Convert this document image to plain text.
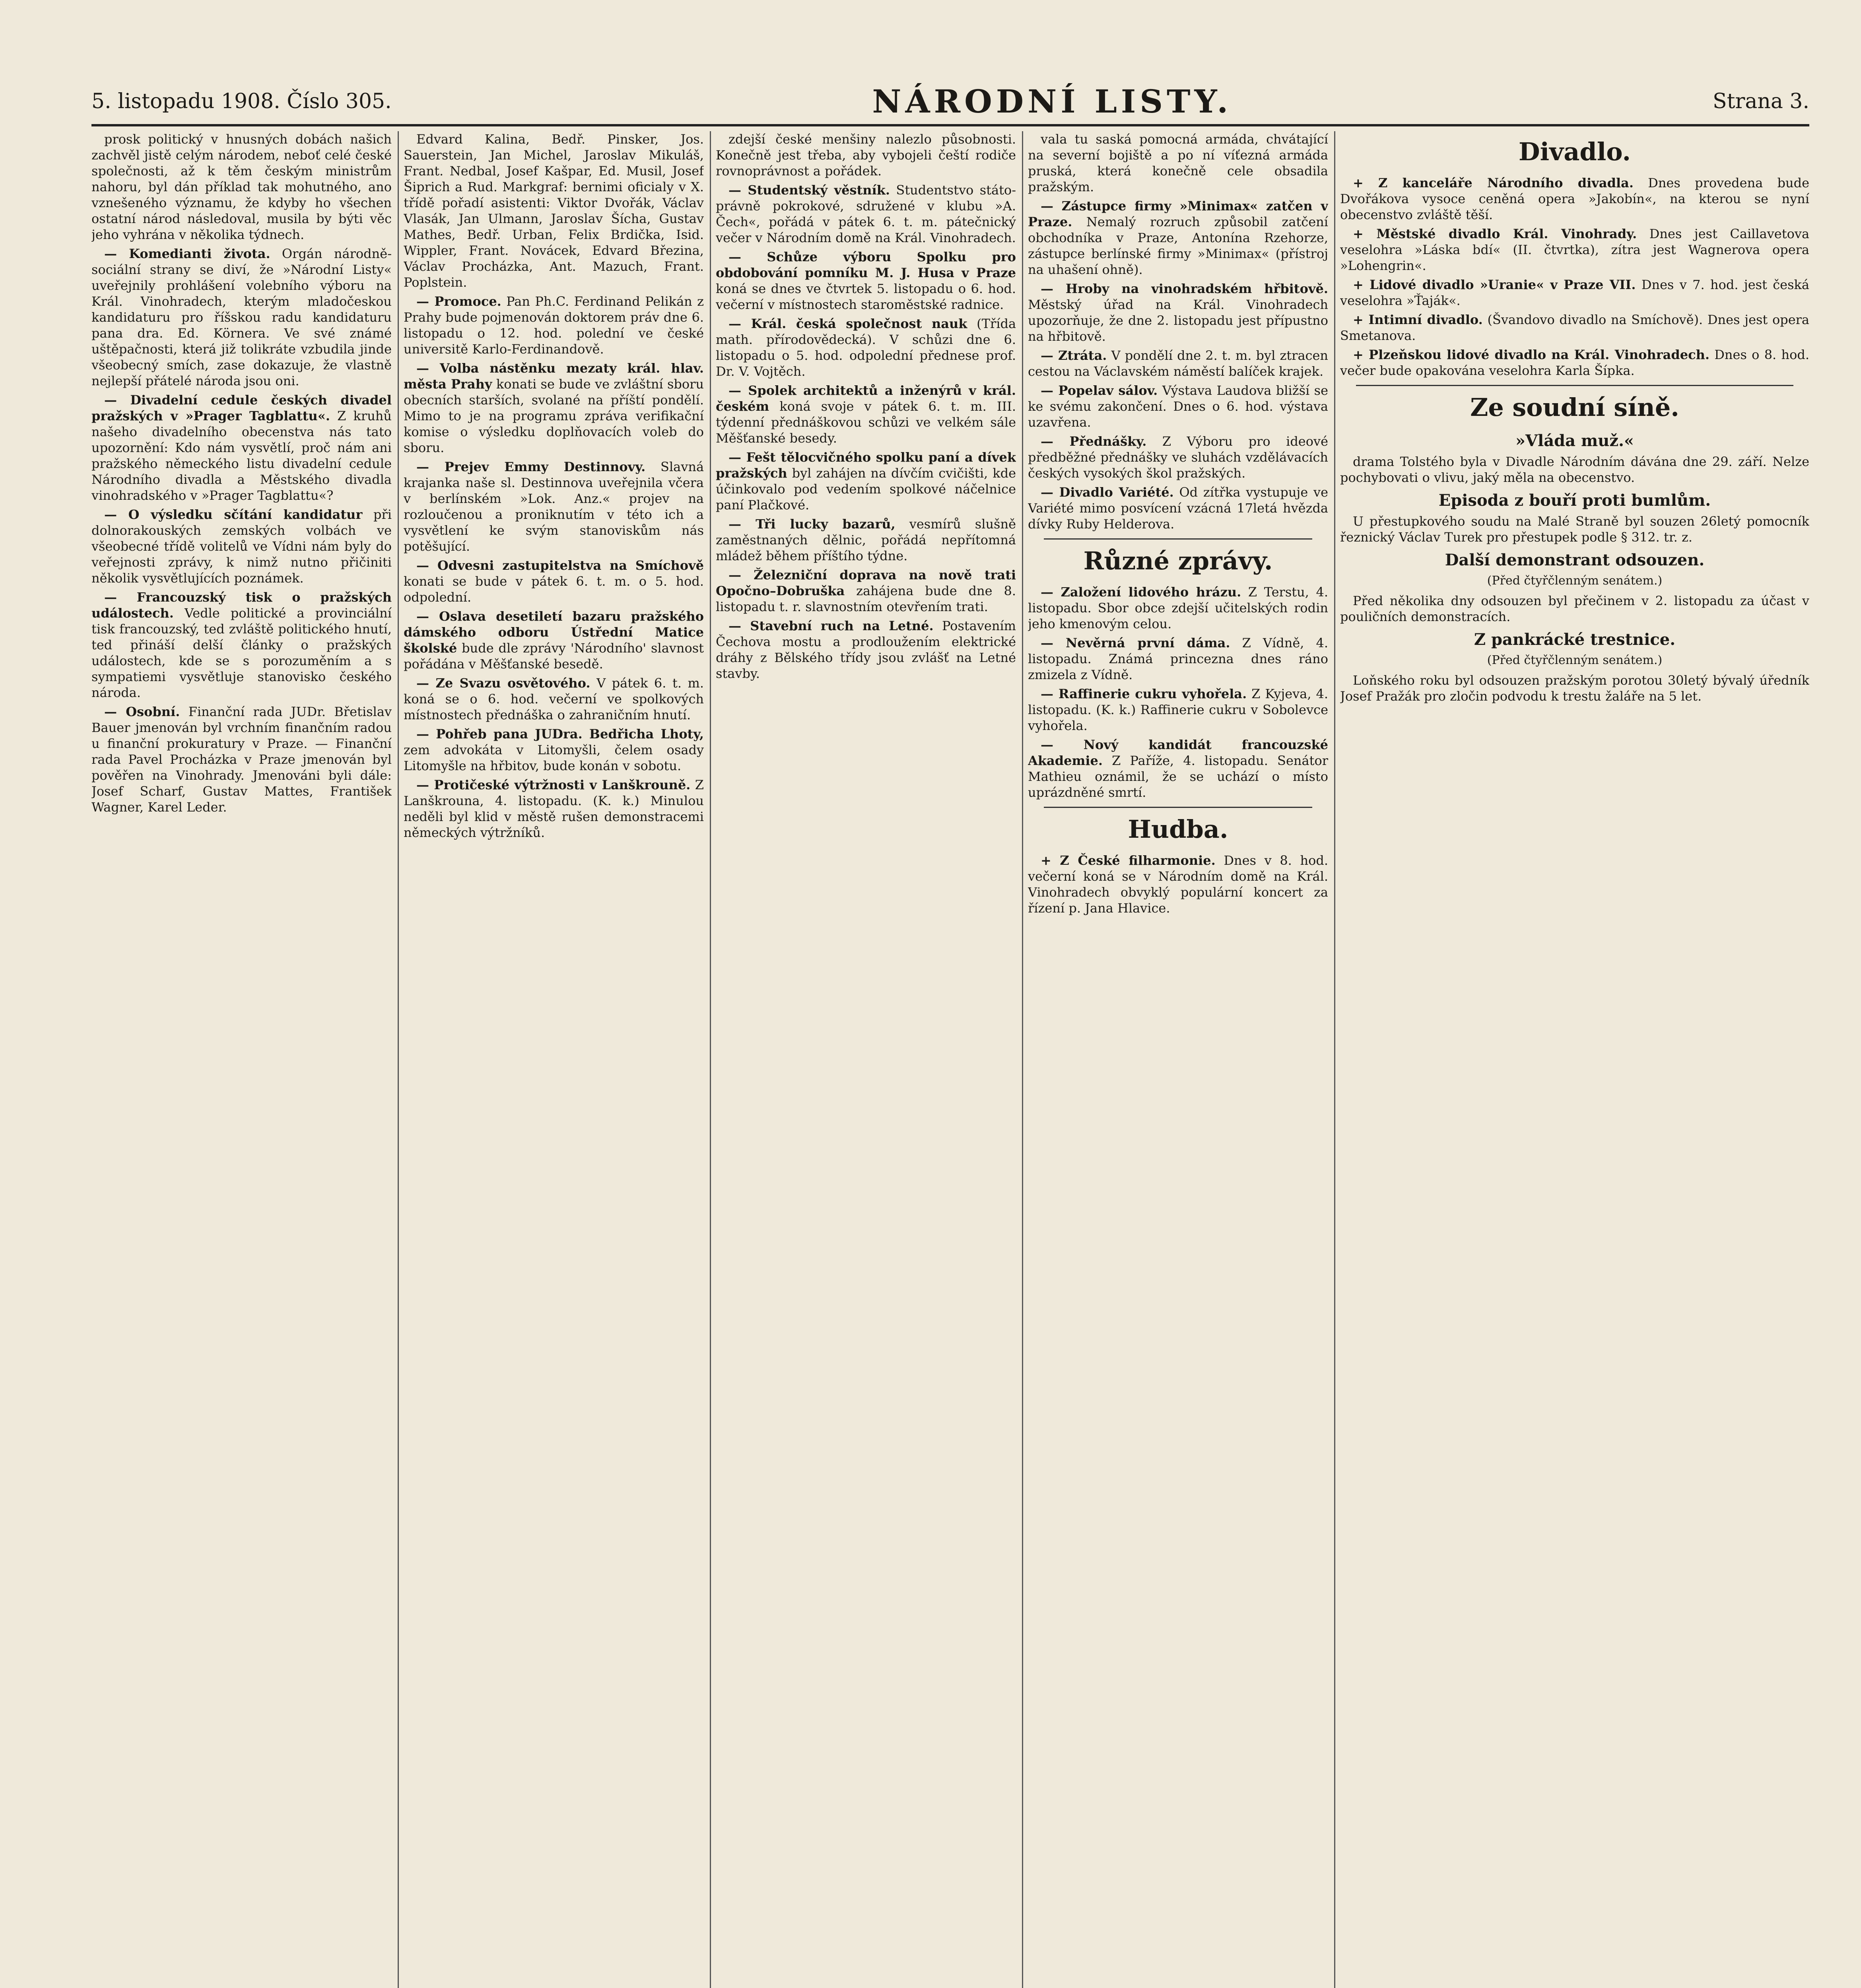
5. listopadu 1908. Číslo 305.	NÁRODNÍ LISTY.	Strana 3.

prosk politický v hnusných dobách našich zachvěl jistě celým národem, neboť celé české společnosti, až k těm českým ministrům nahoru, byl dán příklad tak mohutného, ano vznešeného významu, že kdyby ho všechen ostatní národ následoval, musila by býti věc jeho vyhrána v několika týdnech.

— Komedianti života. Orgán národně-sociální strany se diví, že »Národní Listy« uveřejnily prohlášení volebního výboru na Král. Vinohradech, kterým mladočeskou kandidaturu pro říšskou radu kandidaturu pana dra. Ed. Körnera. Ve své známé uštěpačnosti, která již tolikráte vzbudila jinde všeobecný smích, zase dokazuje, že vlastně nejlepší přátelé národa jsou oni.

— Divadelní cedule českých divadel pražských v »Prager Tagblattu«. Z kruhů našeho divadelního obecenstva nás tato upozornění: Kdo nám vysvětlí, proč nám ani pražského německého listu divadelní cedule Národního divadla a Městského divadla vinohradského v »Prager Tagblattu«?

— O výsledku sčítání kandidatur při dolnorakouských zemských volbách ve všeobecné třídě volitelů ve Vídni nám byly do veřejnosti zprávy, k nimž nutno přičiniti několik vysvětlujících poznámek.

— Francouzský tisk o pražských událostech. Vedle politické a provinciální tisk francouzský, ted zvláště politického hnutí, ted přináší delší články o pražských událostech, kde se s porozuměním a s sympatiemi vysvětluje stanovisko českého národa.

— Osobní. Finanční rada JUDr. Břetislav Bauer jmenován byl vrchním finančním radou u finanční prokuratury v Praze. — Finanční rada Pavel Procházka v Praze jmenován byl pověřen na Vinohrady. Jmenováni byli dále: Josef Scharf, Gustav Mattes, František Wagner, Karel Leder.

Edvard Kalina, Bedř. Pinsker, Jos. Sauerstein, Jan Michel, Jaroslav Mikuláš, Frant. Nedbal, Josef Kašpar, Ed. Musil, Josef Šiprich a Rud. Markgraf: bernimi oficialy v X. třídě pořadí asistenti: Viktor Dvořák, Václav Vlasák, Jan Ulmann, Jaroslav Šícha, Gustav Mathes, Bedř. Urban, Felix Brdička, Isid. Wippler, Frant. Novácek, Edvard Březina, Václav Procházka, Ant. Mazuch, Frant. Poplstein.

— Promoce. Pan Ph.C. Ferdinand Pelikán z Prahy bude pojmenován doktorem práv dne 6. listopadu o 12. hod. polední ve české universitě Karlo-Ferdinandově.

— Volba nástěnku mezaty král. hlav. města Prahy konati se bude ve zvláštní sboru obecních starších, svolané na příští pondělí. Mimo to je na programu zpráva verifikační komise o výsledku doplňovacích voleb do sboru.

— Prejev Emmy Destinnovy. Slavná krajanka naše sl. Destinnova uveřejnila včera v berlínském »Lok. Anz.« projev na rozloučenou a proniknutím v této ich a vysvětlení ke svým stanoviskům nás potěšující.

— Odvesni zastupitelstva na Smíchově konati se bude v pátek 6. t. m. o 5. hod. odpolední.

— Oslava desetiletí bazaru pražského dámského odboru Ústřední Matice školské bude dle zprávy 'Národního' slavnost pořádána v Měšťanské besedě.

— Ze Svazu osvětového. V pátek 6. t. m. koná se o 6. hod. večerní ve spolkových místnostech přednáška o zahraničním hnutí.

— Pohřeb pana JUDra. Bedřicha Lhoty, zem advokáta v Litomyšli, čelem osady Litomyšle na hřbitov, bude konán v sobotu.

— Protičeské výtržnosti v Lanškrouně. Z Lanškrouna, 4. listopadu. (K. k.) Minulou neděli byl klid v městě rušen demonstracemi německých výtržníků.

zdejší české menšiny nalezlo působnosti. Konečně jest třeba, aby vybojeli čeští rodiče rovnoprávnost a pořádek.

— Studentský věstník. Studentstvo státo-právně pokrokové, sdružené v klubu »A. Čech«, pořádá v pátek 6. t. m. pátečnický večer v Národním domě na Král. Vinohradech.

— Schůze výboru Spolku pro obdobování pomníku M. J. Husa v Praze koná se dnes ve čtvrtek 5. listopadu o 6. hod. večerní v místnostech staroměstské radnice.

— Král. česká společnost nauk (Třída math. přírodovědecká). V schůzi dne 6. listopadu o 5. hod. odpolední přednese prof. Dr. V. Vojtěch.

— Spolek architektů a inženýrů v král. českém koná svoje v pátek 6. t. m. III. týdenní přednáškovou schůzi ve velkém sále Měšťanské besedy.

— Fešt tělocvičného spolku paní a dívek pražských byl zahájen na dívčím cvičišti, kde účinkovalo pod vedením spolkové náčelnice paní Plačkové.

— Tři lucky bazarů, vesmírů slušně zaměstnaných dělnic, pořádá nepřítomná mládež během příštího týdne.

— Železniční doprava na nově trati Opočno–Dobruška zahájena bude dne 8. listopadu t. r. slavnostním otevřením trati.

— Stavební ruch na Letné. Postavením Čechova mostu a prodloužením elektrické dráhy z Bělského třídy jsou zvlášť na Letné stavby.

vala tu saská pomocná armáda, chvátající na severní bojiště a po ní víťezná armáda pruská, která konečně cele obsadila pražským.

— Zástupce firmy »Minimax« zatčen v Praze. Nemalý rozruch způsobil zatčení obchodníka v Praze, Antonína Rzehorze, zástupce berlínské firmy »Minimax« (přístroj na uhašení ohně).

— Hroby na vinohradském hřbitově. Městský úřad na Král. Vinohradech upozorňuje, že dne 2. listopadu jest přípustno na hřbitově.

— Ztráta. V pondělí dne 2. t. m. byl ztracen cestou na Václavském náměstí balíček krajek.

— Popelav sálov. Výstava Laudova bližší se ke svému zakončení. Dnes o 6. hod. výstava uzavřena.

— Přednášky. Z Výboru pro ideové předběžné přednášky ve sluhách vzdělávacích českých vysokých škol pražských.

— Divadlo Variété. Od zítřka vystupuje ve Variété mimo posvícení vzácná 17letá hvězda dívky Ruby Helderova.

Různé zprávy.

— Založení lidového hrázu. Z Terstu, 4. listopadu. Sbor obce zdejší učitelských rodin jeho kmenovým celou.

— Nevěrná první dáma. Z Vídně, 4. listopadu. Známá princezna dnes ráno zmizela z Vídně.

— Raffinerie cukru vyhořela. Z Kyjeva, 4. listopadu. (K. k.) Raffinerie cukru v Sobolevce vyhořela.

— Nový kandidát francouzské Akademie. Z Paříže, 4. listopadu. Senátor Mathieu oznámil, že se uchází o místo uprázdněné smrtí.

Hudba.

+ Z České filharmonie. Dnes v 8. hod. večerní koná se v Národním domě na Král. Vinohradech obvyklý populární koncert za řízení p. Jana Hlavice.

Divadlo.

+ Z kanceláře Národního divadla. Dnes provedena bude Dvořákova vysoce ceněná opera »Jakobín«, na kterou se nyní obecenstvo zvláště těší.

+ Městské divadlo Král. Vinohrady. Dnes jest Caillavetova veselohra »Láska bdí« (II. čtvrtka), zítra jest Wagnerova opera »Lohengrin«.

+ Lidové divadlo »Uranie« v Praze VII. Dnes v 7. hod. jest česká veselohra »Ťaják«.

+ Intimní divadlo. (Švandovo divadlo na Smíchově). Dnes jest opera Smetanova.

+ Plzeňskou lidové divadlo na Král. Vinohradech. Dnes o 8. hod. večer bude opakována veselohra Karla Šípka.

Ze soudní síně.
»Vláda muž.«

drama Tolstého byla v Divadle Národním dávána dne 29. září. Nelze pochybovati o vlivu, jaký měla na obecenstvo.

Episoda z bouří proti bumlům.

U přestupkového soudu na Malé Straně byl souzen 26letý pomocník řeznický Václav Turek pro přestupek podle § 312. tr. z.

Další demonstrant odsouzen.
(Před čtyřčlenným senátem.)

Před několika dny odsouzen byl přečinem v 2. listopadu za účast v pouličních demonstracích.

Z pankrácké trestnice.
(Před čtyřčlenným senátem.)

Loňského roku byl odsouzen pražským porotou 30letý bývalý úředník Josef Pražák pro zločin podvodu k trestu žaláře na 5 let.
